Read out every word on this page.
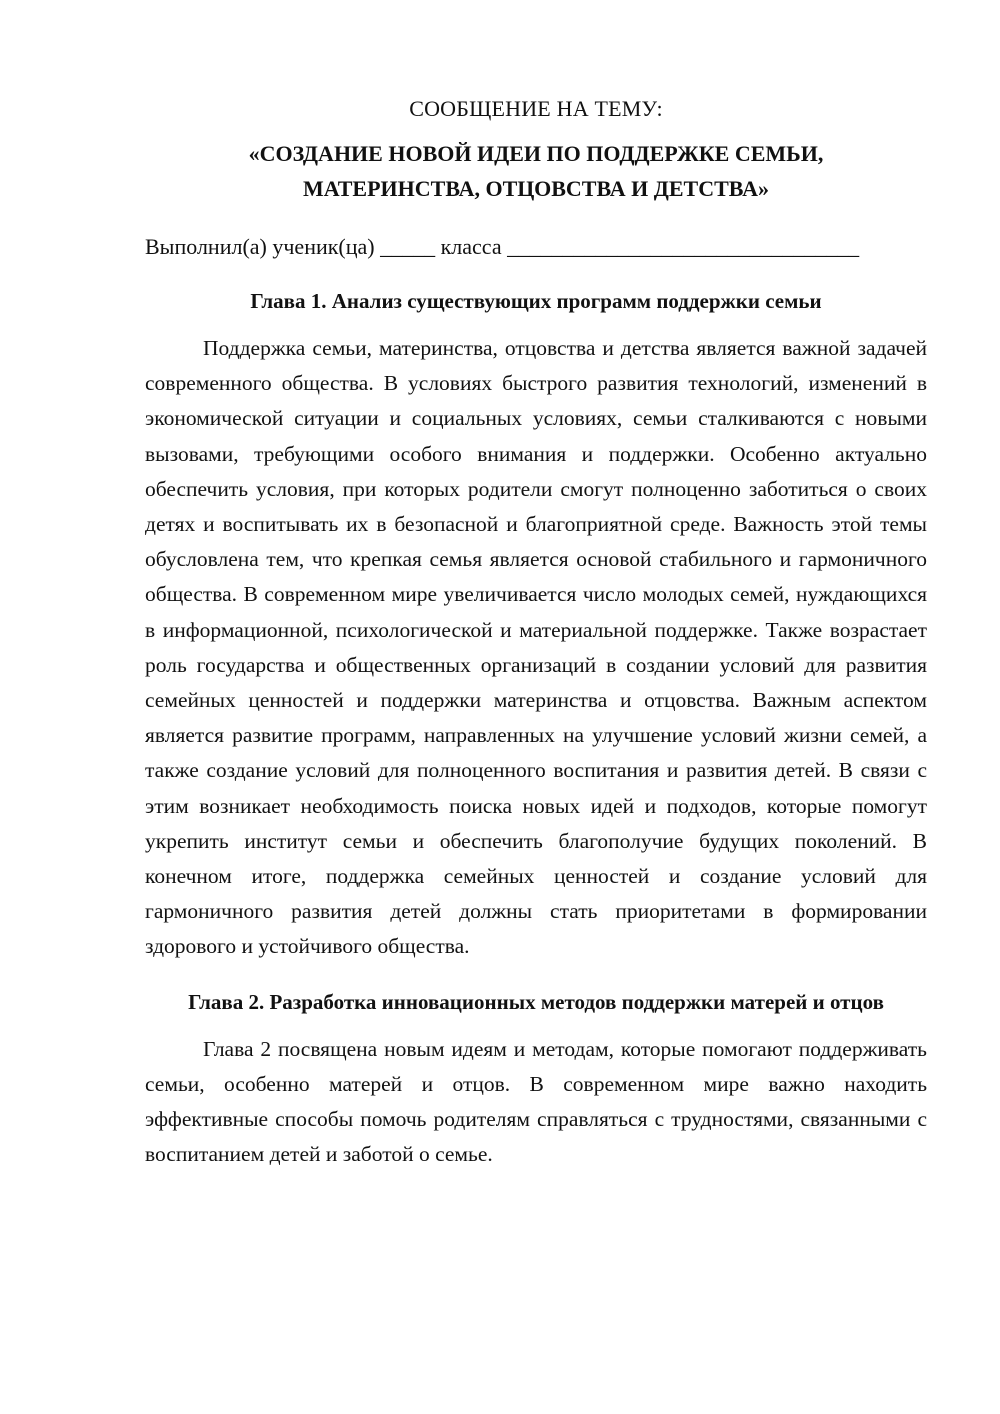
СООБЩЕНИЕ НА ТЕМУ:

«СОЗДАНИЕ НОВОЙ ИДЕИ ПО ПОДДЕРЖКЕ СЕМЬИ,
МАТЕРИНСТВА, ОТЦОВСТВА И ДЕТСТВА»

Выполнил(а) ученик(ца) _____ класса ________________________________

Глава 1. Анализ существующих программ поддержки семьи

Поддержка семьи, материнства, отцовства и детства является важной задачей современного общества. В условиях быстрого развития технологий, изменений в экономической ситуации и социальных условиях, семьи сталкиваются с новыми вызовами, требующими особого внимания и поддержки. Особенно актуально обеспечить условия, при которых родители смогут полноценно заботиться о своих детях и воспитывать их в безопасной и благоприятной среде. Важность этой темы обусловлена тем, что крепкая семья является основой стабильного и гармоничного общества. В современном мире увеличивается число молодых семей, нуждающихся в информационной, психологической и материальной поддержке. Также возрастает роль государства и общественных организаций в создании условий для развития семейных ценностей и поддержки материнства и отцовства. Важным аспектом является развитие программ, направленных на улучшение условий жизни семей, а также создание условий для полноценного воспитания и развития детей. В связи с этим возникает необходимость поиска новых идей и подходов, которые помогут укрепить институт семьи и обеспечить благополучие будущих поколений. В конечном итоге, поддержка семейных ценностей и создание условий для гармоничного развития детей должны стать приоритетами в формировании здорового и устойчивого общества.

Глава 2. Разработка инновационных методов поддержки матерей и отцов

Глава 2 посвящена новым идеям и методам, которые помогают поддерживать семьи, особенно матерей и отцов. В современном мире важно находить эффективные способы помочь родителям справляться с трудностями, связанными с воспитанием детей и заботой о семье.
